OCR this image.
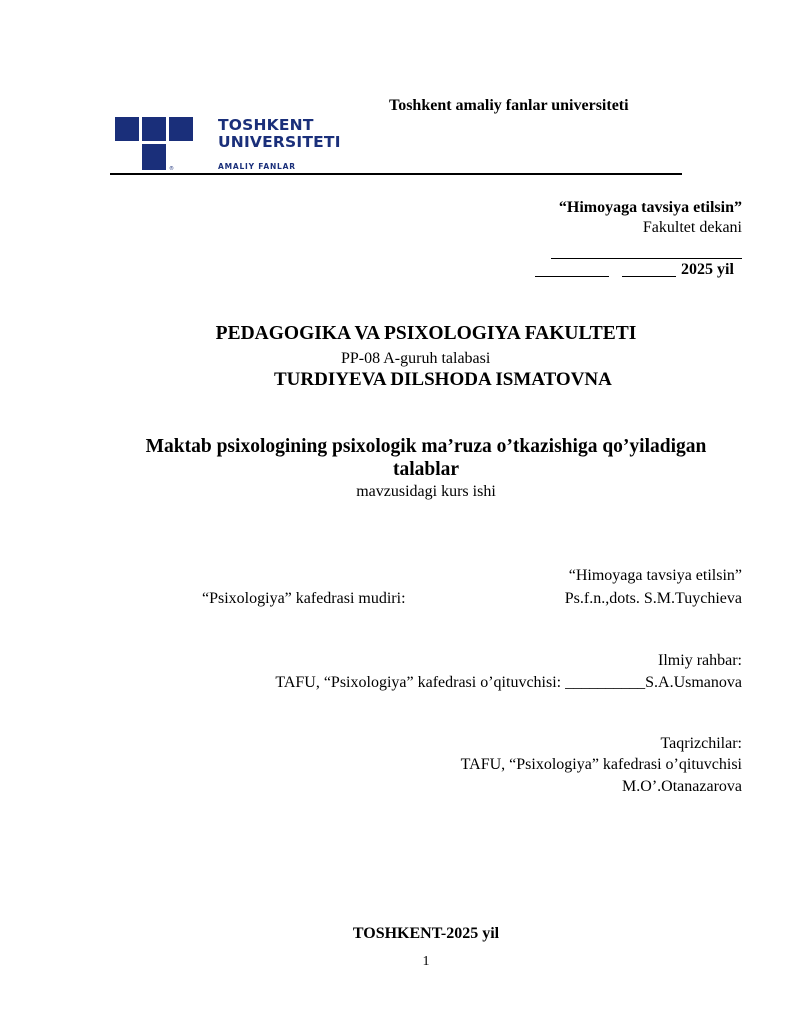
Toshkent amaliy fanlar universiteti
®
TOSHKENT
UNIVERSITETI
AMALIY FANLAR
“Himoyaga tavsiya etilsin”
Fakultet dekani
2025 yil
PEDAGOGIKA VA PSIXOLOGIYA FAKULTETI
PP-08 A-guruh talabasi
TURDIYEVA DILSHODA ISMATOVNA
Maktab psixologining psixologik ma’ruza o’tkazishiga qo’yiladigan
talablar
mavzusidagi kurs ishi
“Himoyaga tavsiya etilsin”
“Psixologiya” kafedrasi mudiri:	Ps.f.n.,dots. S.M.Tuychieva
Ilmiy rahbar:
TAFU, “Psixologiya” kafedrasi o’qituvchisi: __________S.A.Usmanova
Taqrizchilar:
TAFU, “Psixologiya” kafedrasi o’qituvchisi
M.O’.Otanazarova
TOSHKENT-2025 yil
1
